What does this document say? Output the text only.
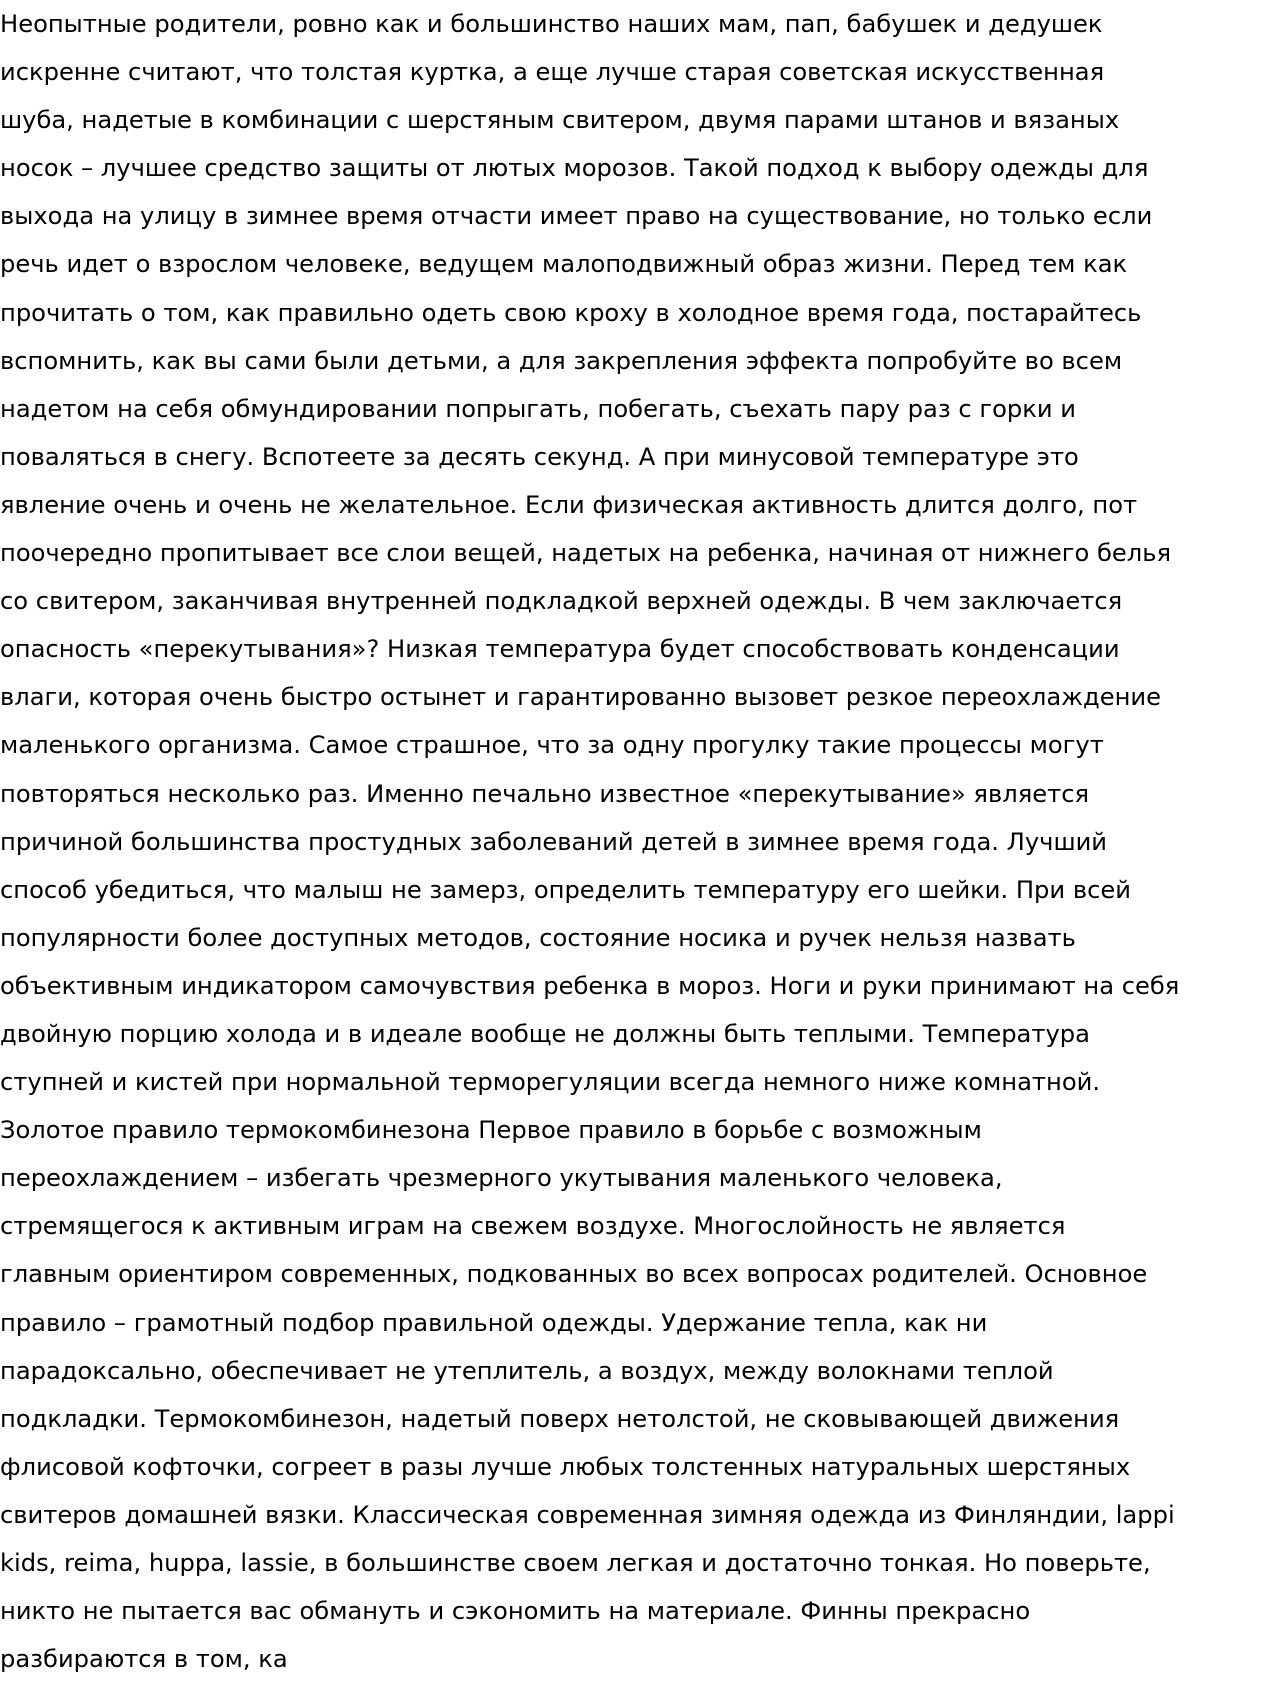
Неопытные родители, ровно как и большинство наших мам, пап, бабушек и дедушек
искренне считают, что толстая куртка, а еще лучше старая советская искусственная
шуба, надетые в комбинации с шерстяным свитером, двумя парами штанов и вязаных
носок – лучшее средство защиты от лютых морозов. Такой подход к выбору одежды для
выхода на улицу в зимнее время отчасти имеет право на существование, но только если
речь идет о взрослом человеке, ведущем малоподвижный образ жизни. Перед тем как
прочитать о том, как правильно одеть свою кроху в холодное время года, постарайтесь
вспомнить, как вы сами были детьми, а для закрепления эффекта попробуйте во всем
надетом на себя обмундировании попрыгать, побегать, съехать пару раз с горки и
поваляться в снегу. Вспотеете за десять секунд. А при минусовой температуре это
явление очень и очень не желательное. Если физическая активность длится долго, пот
поочередно пропитывает все слои вещей, надетых на ребенка, начиная от нижнего белья
со свитером, заканчивая внутренней подкладкой верхней одежды. В чем заключается
опасность «перекутывания»? Низкая температура будет способствовать конденсации
влаги, которая очень быстро остынет и гарантированно вызовет резкое переохлаждение
маленького организма. Самое страшное, что за одну прогулку такие процессы могут
повторяться несколько раз. Именно печально известное «перекутывание» является
причиной большинства простудных заболеваний детей в зимнее время года. Лучший
способ убедиться, что малыш не замерз, определить температуру его шейки. При всей
популярности более доступных методов, состояние носика и ручек нельзя назвать
объективным индикатором самочувствия ребенка в мороз. Ноги и руки принимают на себя
двойную порцию холода и в идеале вообще не должны быть теплыми. Температура
ступней и кистей при нормальной терморегуляции всегда немного ниже комнатной.
Золотое правило термокомбинезона Первое правило в борьбе с возможным
переохлаждением – избегать чрезмерного укутывания маленького человека,
стремящегося к активным играм на свежем воздухе. Многослойность не является
главным ориентиром современных, подкованных во всех вопросах родителей. Основное
правило – грамотный подбор правильной одежды. Удержание тепла, как ни
парадоксально, обеспечивает не утеплитель, а воздух, между волокнами теплой
подкладки. Термокомбинезон, надетый поверх нетолстой, не сковывающей движения
флисовой кофточки, согреет в разы лучше любых толстенных натуральных шерстяных
свитеров домашней вязки. Классическая современная зимняя одежда из Финляндии, lappi
kids, reima, huppa, lassie, в большинстве своем легкая и достаточно тонкая. Но поверьте,
никто не пытается вас обмануть и сэкономить на материале. Финны прекрасно
разбираются в том, ка
